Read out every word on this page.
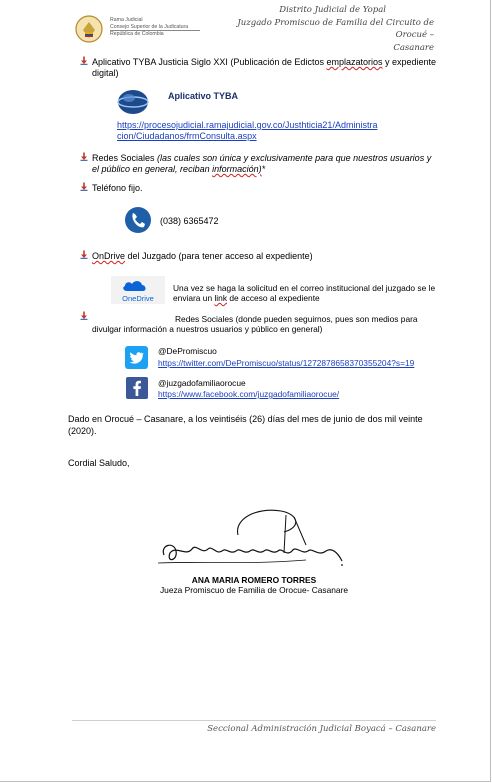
Rama Judicial
Consejo Superior de la Judicatura
República de Colombia
Distrito Judicial de Yopal
Juzgado Promiscuo de Familia del Circuito de Orocué –
Casanare
Aplicativo TYBA Justicia Siglo XXI (Publicación de Edictos emplazatorios y expediente digital)
Aplicativo TYBA
https://procesojudicial.ramajudicial.gov.co/Justhticia21/Administra
cion/Ciudadanos/frmConsulta.aspx
Redes Sociales (las cuales son única y exclusivamente para que nuestros usuarios y el público en general, reciban información)*
Teléfono fijo.
(038) 6365472
OnDrive del Juzgado (para tener acceso al expediente)
OneDrive
Una vez se haga la solicitud en el correo institucional del juzgado se le enviara un link de acceso al expediente
Redes Sociales (donde pueden seguirnos, pues son medios para divulgar información a nuestros usuarios y público en general)
@DePromiscuo
https://twitter.com/DePromiscuo/status/1272878658370355204?s=19
@juzgadofamiliaorocue
https://www.facebook.com/juzgadofamiliaorocue/
Dado en Orocué – Casanare, a los veintiséis (26) días del mes de junio de dos mil veinte (2020).
Cordial Saludo,
ANA MARIA ROMERO TORRES
Jueza Promiscuo de Familia de Orocue- Casanare
Seccional Administración Judicial Boyacá – Casanare
